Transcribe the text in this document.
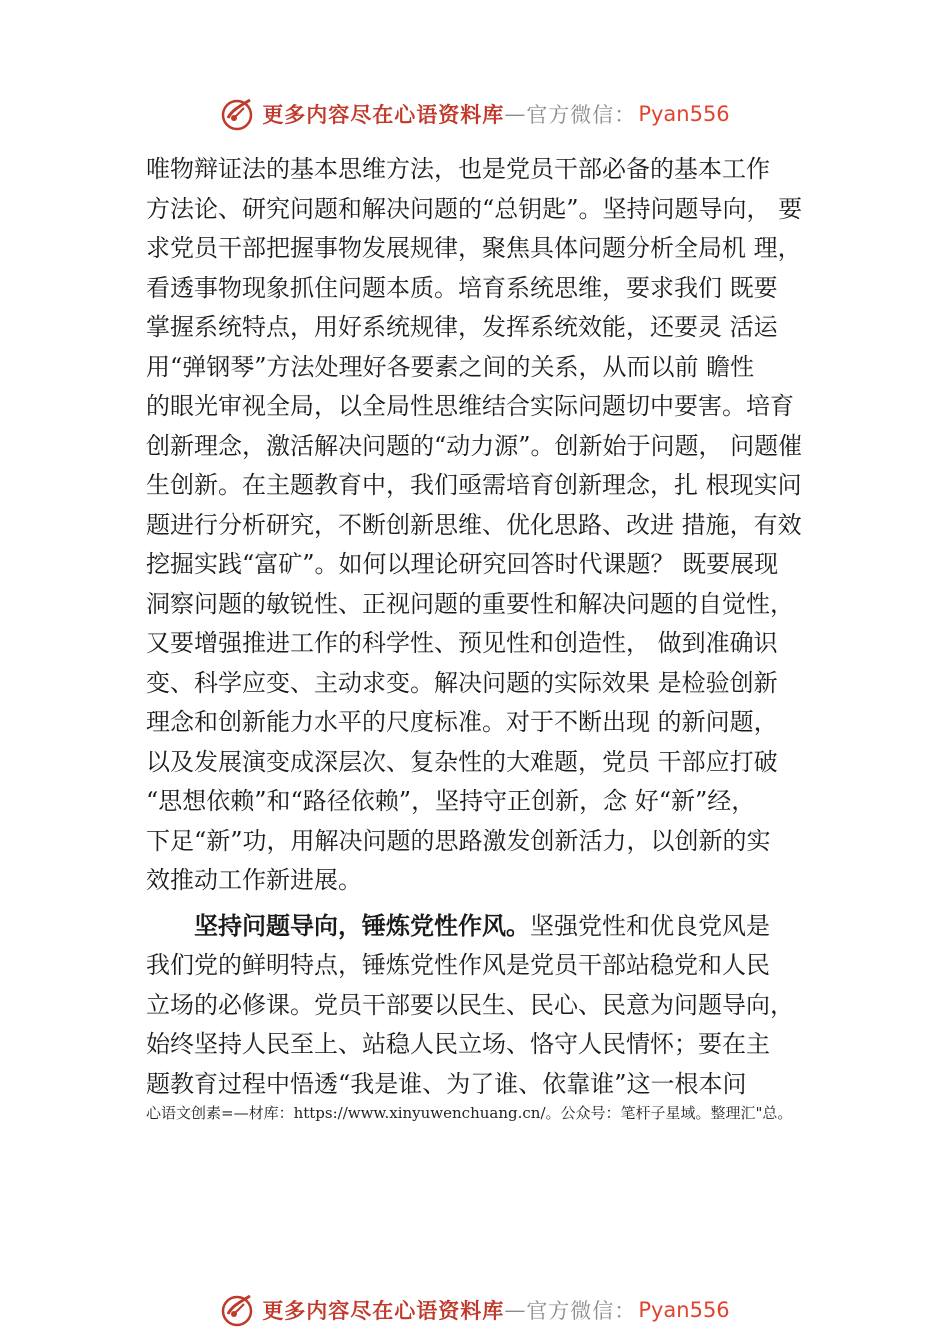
更多内容尽在心语资料库 — 官方微信： Pyan556
唯物辩证法的基本思维方法，也是党员干部必备的基本工作
方法论、研究问题和解决问题的“总钥匙”。坚持问题导向， 要
求党员干部把握事物发展规律，聚焦具体问题分析全局机 理，
看透事物现象抓住问题本质。培育系统思维，要求我们 既要
掌握系统特点，用好系统规律，发挥系统效能，还要灵 活运
用“弹钢琴”方法处理好各要素之间的关系，从而以前 瞻性
的眼光审视全局，以全局性思维结合实际问题切中要害。培育
创新理念，激活解决问题的“动力源”。创新始于问题， 问题催
生创新。在主题教育中，我们亟需培育创新理念，扎 根现实问
题进行分析研究，不断创新思维、优化思路、改进 措施，有效
挖掘实践“富矿”。如何以理论研究回答时代课题？ 既要展现
洞察问题的敏锐性、正视问题的重要性和解决问题的自觉性，
又要增强推进工作的科学性、预见性和创造性， 做到准确识
变、科学应变、主动求变。解决问题的实际效果 是检验创新
理念和创新能力水平的尺度标准。对于不断出现 的新问题，
以及发展演变成深层次、复杂性的大难题，党员 干部应打破
“思想依赖”和“路径依赖”，坚持守正创新，念 好“新”经，
下足“新”功，用解决问题的思路激发创新活力，以创新的实
效推动工作新进展。
坚持问题导向，锤炼党性作风。坚强党性和优良党风是
我们党的鲜明特点，锤炼党性作风是党员干部站稳党和人民
立场的必修课。党员干部要以民生、民心、民意为问题导向，
始终坚持人民至上、站稳人民立场、恪守人民情怀；要在主
题教育过程中悟透“我是谁、为了谁、依靠谁”这一根本问
心语文创素=—材库：https://www.xinyuwenchuang.cn/。公众号：笔杆子星域。整理汇"总。
更多内容尽在心语资料库 — 官方微信： Pyan556
